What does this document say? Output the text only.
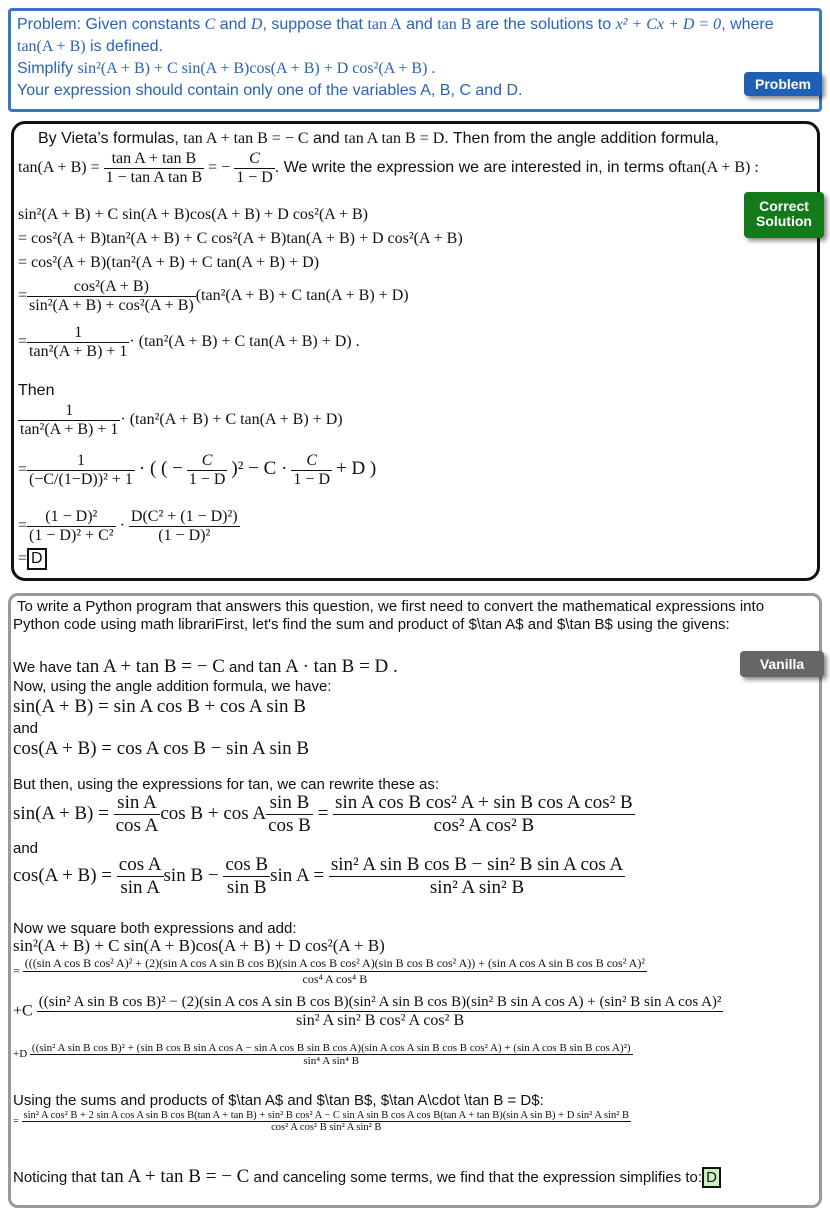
Problem: Given constants C and D, suppose that tan A and tan B are the solutions to x² + Cx + D = 0, where
tan(A + B) is defined.
Simplify sin²(A + B) + C sin(A + B)cos(A + B) + D cos²(A + B) .
Your expression should contain only one of the variables A, B, C and D.	Problem
By Vieta’s formulas, tan A + tan B = − C and tan A tan B = D. Then from the angle addition formula,
$\tan(A + B) = \frac{\text{tan A + tan B}}{\text{1 − tan A tan B}}$ = − $\frac{C}{1 - D}$ . We write the expression we are interested in, in terms oftan(A + B) :
sin²(A + B) + C sin(A + B)cos(A + B) + D cos²(A + B)
= cos²(A + B)tan²(A + B) + C cos²(A + B)tan(A + B) + D cos²(A + B)
= cos²(A + B)(tan²(A + B) + C tan(A + B) + D)
= $\frac{\text{cos²(A + B)}}{\text{sin²(A + B) + cos²(A + B)}} (\tan^2(A + B) + C$ tan(A + B) + D)
= $\frac{1}{\text{tan²(A + B) + 1}} \cdot (\tan^2(A + B) + C$ tan(A + B) + D) .
Then
$\frac{1}{\text{tan²(A + B) + 1}} \cdot (\tan^2(A + B) + C$ tan(A + B) + D)
= $\frac{1}{\text{(−C/(1−D))² + 1}}$ · ( ( − $\frac{C}{1 - D} )^2 - C \cdot \frac{C}{1 - D} + D$ )
= $\frac{\text{(1 − D)²}}{\text{(1 − D)² + C²}} \cdot \frac{\text{D(C² + (1 − D)²)}}{\text{(1 − D)²}}$
= D
Correct
Solution
To write a Python program that answers this question, we first need to convert the mathematical expressions into
Python code using math librariFirst, let's find the sum and product of $\tan A$ and $\tan B$ using the givens:
We have tan A + tan B = − C and tan A · tan B = D .
Now, using the angle addition formula, we have:
sin(A + B) = sin A cos B + cos A sin B
and
cos(A + B) = cos A cos B − sin A sin B
But then, using the expressions for tan, we can rewrite these as:
$\sin(A + B) = \frac{\text{sin A}}{\text{cos A}}$ cos B + cos A $\frac{\text{sin B}}{\text{cos B}} = \frac{\text{sin A cos B cos² A + sin B cos A cos² B}}{\text{cos² A cos² B}}$
and
$\cos(A + B) = \frac{\text{cos A}}{\text{sin A}}$ $\sin B - \frac{\text{cos B}}{\text{sin B}}$ $\sin A = \frac{\text{sin² A sin B cos B − sin² B sin A cos A}}{\text{sin² A sin² B}}$
Now we square both expressions and add:
sin²(A + B) + C sin(A + B)cos(A + B) + D cos²(A + B)
=
(((sin A cos B cos² A)² + (2)(sin A cos A sin B cos B)(sin A cos B cos² A)(sin B cos B cos² A)) + (sin A cos A sin B cos B cos² A)²
cos⁴ A cos⁴ B
+C
((sin² A sin B cos B)² − (2)(sin A cos A sin B cos B)(sin² A sin B cos B)(sin² B sin A cos A) + (sin² B sin A cos A)²
sin² A sin² B cos² A cos² B
+D
((sin² A sin B cos B)² + (sin B cos B sin A cos A − sin A cos B sin B cos A)(sin A cos A sin B cos B cos² A) + (sin A cos B sin B cos A)²)
sin⁴ A sin⁴ B
Using the sums and products of $\tan A$ and $\tan B$, $\tan A\cdot \tan B = D$:
=
sin² A cos² B + 2 sin A cos A sin B cos B(tan A + tan B) + sin² B cos² A − C sin A sin B cos A cos B(tan A + tan B)(sin A sin B) + D sin² A sin² B
cos² A cos² B sin² A sin² B
Noticing that tan A + tan B = − C and canceling some terms, we find that the expression simplifies to: D
Vanilla
